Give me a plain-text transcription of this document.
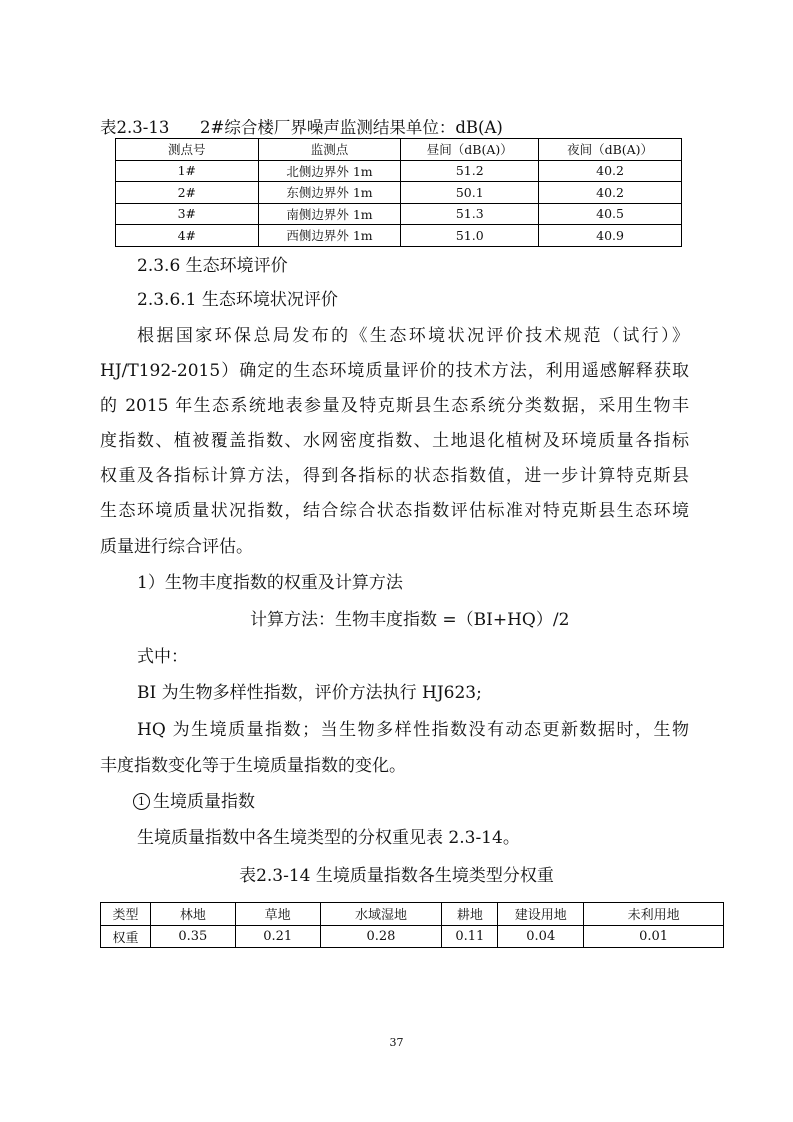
表2.3-13 2#综合楼厂界噪声监测结果单位：dB(A)
测点号	监测点	昼间（dB(A)）	夜间（dB(A)）
1#	北侧边界外 1m	51.2	40.2
2#	东侧边界外 1m	50.1	40.2
3#	南侧边界外 1m	51.3	40.5
4#	西侧边界外 1m	51.0	40.9
2.3.6 生态环境评价
2.3.6.1 生态环境状况评价
根据国家环保总局发布的《生态环境状况评价技术规范（试行）》
HJ/T192-2015）确定的生态环境质量评价的技术方法，利用遥感解释获取
的 2015 年生态系统地表参量及特克斯县生态系统分类数据，采用生物丰
度指数、植被覆盖指数、水网密度指数、土地退化植树及环境质量各指标
权重及各指标计算方法，得到各指标的状态指数值，进一步计算特克斯县
生态环境质量状况指数，结合综合状态指数评估标准对特克斯县生态环境
质量进行综合评估。
1）生物丰度指数的权重及计算方法
计算方法：生物丰度指数 =（BI+HQ）/2
式中：
BI 为生物多样性指数，评价方法执行 HJ623;
HQ 为生境质量指数；当生物多样性指数没有动态更新数据时，生物
丰度指数变化等于生境质量指数的变化。
1 生境质量指数
生境质量指数中各生境类型的分权重见表 2.3-14。
表2.3-14 生境质量指数各生境类型分权重
类型	林地	草地	水域湿地	耕地	建设用地	未利用地
权重	0.35	0.21	0.28	0.11	0.04	0.01
37
